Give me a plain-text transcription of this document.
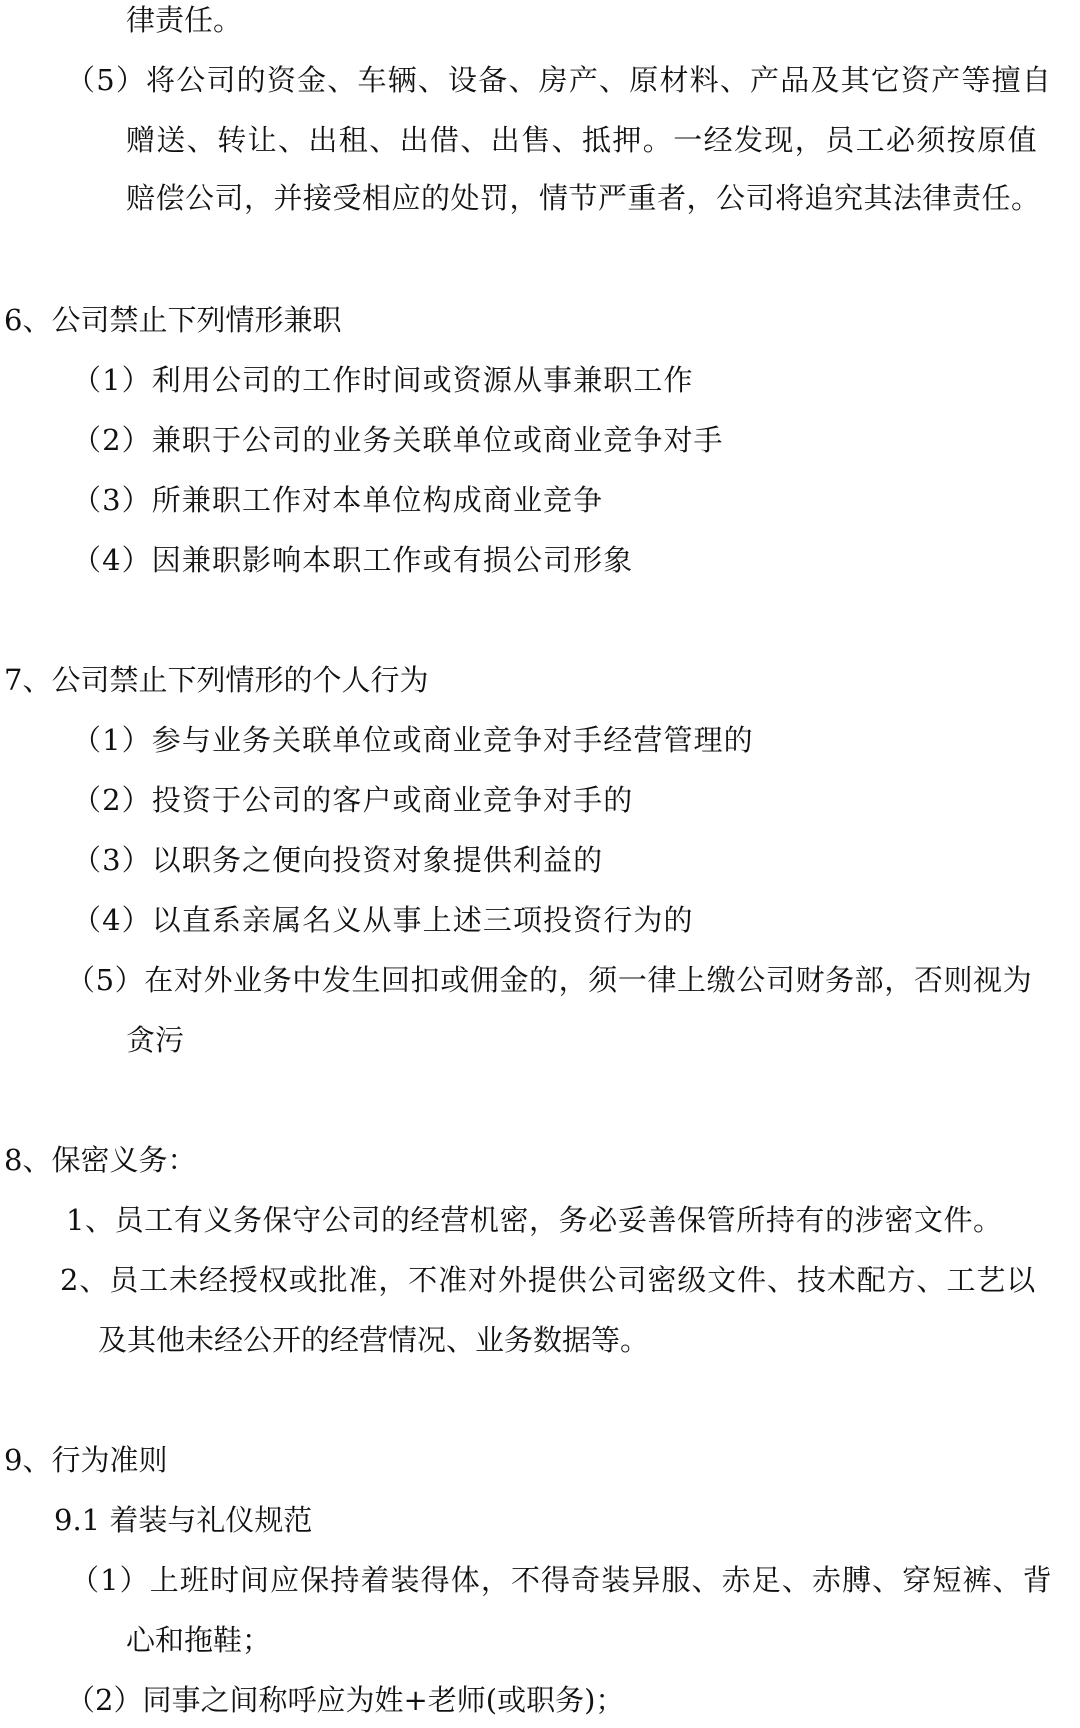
律责任。
（5）将公司的资金、车辆、设备、房产、原材料、产品及其它资产等擅自
赠送、转让、出租、出借、出售、抵押。一经发现，员工必须按原值
赔偿公司，并接受相应的处罚，情节严重者，公司将追究其法律责任。
6、公司禁止下列情形兼职
（1）利用公司的工作时间或资源从事兼职工作
（2）兼职于公司的业务关联单位或商业竞争对手
（3）所兼职工作对本单位构成商业竞争
（4）因兼职影响本职工作或有损公司形象
7、公司禁止下列情形的个人行为
（1）参与业务关联单位或商业竞争对手经营管理的
（2）投资于公司的客户或商业竞争对手的
（3）以职务之便向投资对象提供利益的
（4）以直系亲属名义从事上述三项投资行为的
（5）在对外业务中发生回扣或佣金的，须一律上缴公司财务部，否则视为
贪污
8、保密义务：
1、员工有义务保守公司的经营机密，务必妥善保管所持有的涉密文件。
2、员工未经授权或批准，不准对外提供公司密级文件、技术配方、工艺以
及其他未经公开的经营情况、业务数据等。
9、行为准则
9.1 着装与礼仪规范
（1）上班时间应保持着装得体，不得奇装异服、赤足、赤膊、穿短裤、背
心和拖鞋；
（2）同事之间称呼应为姓+老师(或职务)；
